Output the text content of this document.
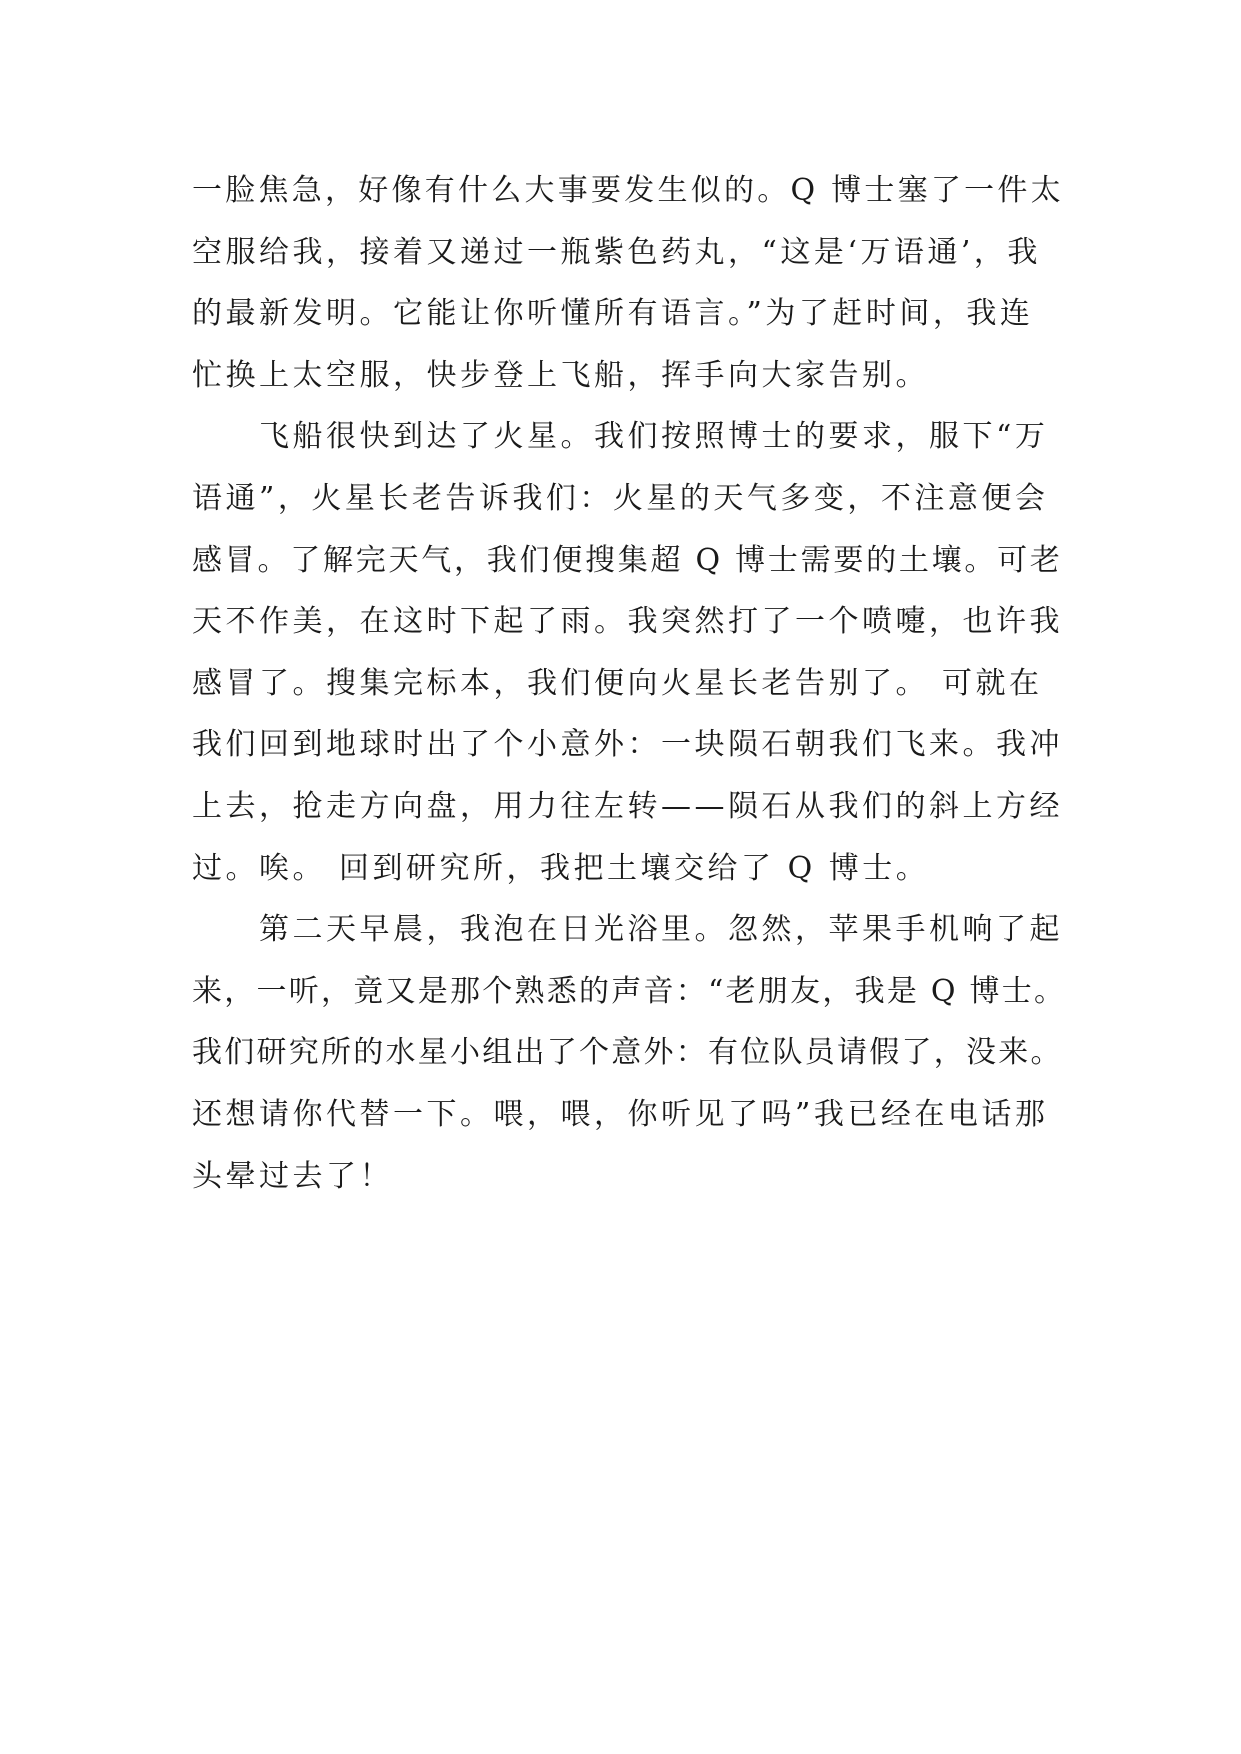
一脸焦急，好像有什么大事要发生似的。Q 博士塞了一件太

空服给我，接着又递过一瓶紫色药丸，“这是‘万语通’，我

的最新发明。它能让你听懂所有语言。”为了赶时间，我连

忙换上太空服，快步登上飞船，挥手向大家告别。

　　飞船很快到达了火星。我们按照博士的要求，服下“万

语通”，火星长老告诉我们：火星的天气多变，不注意便会

感冒。了解完天气，我们便搜集超 Q 博士需要的土壤。可老

天不作美，在这时下起了雨。我突然打了一个喷嚏，也许我

感冒了。搜集完标本，我们便向火星长老告别了。 可就在

我们回到地球时出了个小意外：一块陨石朝我们飞来。我冲

上去，抢走方向盘，用力往左转——陨石从我们的斜上方经

过。唉。 回到研究所，我把土壤交给了 Q 博士。

　　第二天早晨，我泡在日光浴里。忽然，苹果手机响了起

来，一听，竟又是那个熟悉的声音：“老朋友，我是 Q 博士。

我们研究所的水星小组出了个意外：有位队员请假了，没来。

还想请你代替一下。喂，喂，你听见了吗”我已经在电话那

头晕过去了！
